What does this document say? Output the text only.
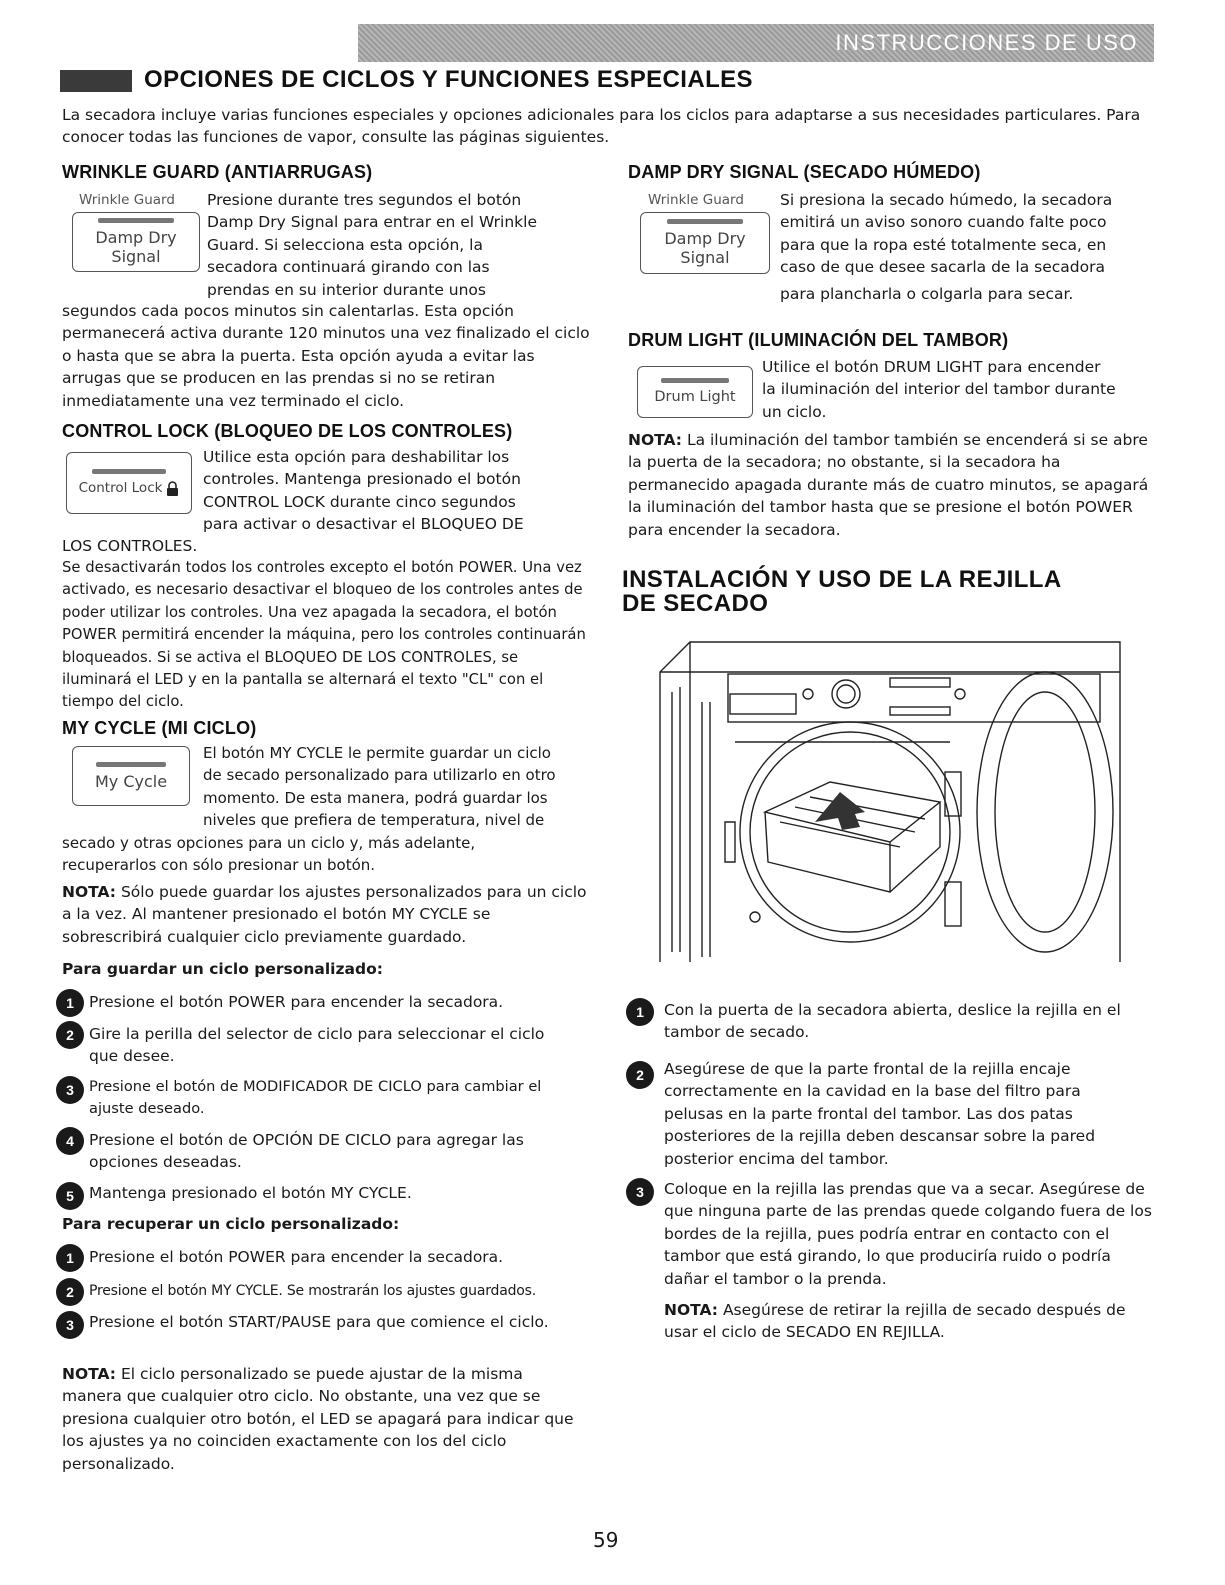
INSTRUCCIONES DE USO
OPCIONES DE CICLOS Y FUNCIONES ESPECIALES

La secadora incluye varias funciones especiales y opciones adicionales para los ciclos para adaptarse a sus necesidades particulares. Para conocer todas las funciones de vapor, consulte las páginas siguientes.

WRINKLE GUARD (ANTIARRUGAS)
Wrinkle Guard
Damp Dry
Signal

Presione durante tres segundos el botón

Damp Dry Signal para entrar en el Wrinkle

Guard. Si selecciona esta opción, la

secadora continuará girando con las

prendas en su interior durante unos

segundos cada pocos minutos sin calentarlas. Esta opción permanecerá activa durante 120 minutos una vez finalizado el ciclo o hasta que se abra la puerta. Esta opción ayuda a evitar las arrugas que se producen en las prendas si no se retiran inmediatamente una vez terminado el ciclo.

CONTROL LOCK (BLOQUEO DE LOS CONTROLES)
Control Lock

Utilice esta opción para deshabilitar los

controles. Mantenga presionado el botón

CONTROL LOCK durante cinco segundos

para activar o desactivar el BLOQUEO DE

LOS CONTROLES.

Se desactivarán todos los controles excepto el botón POWER. Una vez activado, es necesario desactivar el bloqueo de los controles antes de poder utilizar los controles. Una vez apagada la secadora, el botón POWER permitirá encender la máquina, pero los controles continuarán bloqueados. Si se activa el BLOQUEO DE LOS CONTROLES, se iluminará el LED y en la pantalla se alternará el texto "CL" con el tiempo del ciclo.

MY CYCLE (MI CICLO)
My Cycle

El botón MY CYCLE le permite guardar un ciclo

de secado personalizado para utilizarlo en otro

momento. De esta manera, podrá guardar los

niveles que prefiera de temperatura, nivel de

secado y otras opciones para un ciclo y, más adelante, recuperarlos con sólo presionar un botón.

NOTA: Sólo puede guardar los ajustes personalizados para un ciclo a la vez. Al mantener presionado el botón MY CYCLE se sobrescribirá cualquier ciclo previamente guardado.

Para guardar un ciclo personalizado:
1 Presione el botón POWER para encender la secadora.
2 Gire la perilla del selector de ciclo para seleccionar el ciclo que desee.
3	Presione el botón de MODIFICADOR DE CICLO para cambiar el ajuste deseado.
4 Presione el botón de OPCIÓN DE CICLO para agregar las opciones deseadas.
5 Mantenga presionado el botón MY CYCLE.
Para recuperar un ciclo personalizado:
1 Presione el botón POWER para encender la secadora.
2	Presione el botón MY CYCLE. Se mostrarán los ajustes guardados.
3 Presione el botón START/PAUSE para que comience el ciclo.

NOTA: El ciclo personalizado se puede ajustar de la misma manera que cualquier otro ciclo. No obstante, una vez que se presiona cualquier otro botón, el LED se apagará para indicar que los ajustes ya no coinciden exactamente con los del ciclo personalizado.

DAMP DRY SIGNAL (SECADO HÚMEDO)
Wrinkle Guard
Damp Dry
Signal

Si presiona la secado húmedo, la secadora

emitirá un aviso sonoro cuando falte poco

para que la ropa esté totalmente seca, en

caso de que desee sacarla de la secadora

para plancharla o colgarla para secar.

DRUM LIGHT (ILUMINACIÓN DEL TAMBOR)
Drum Light

Utilice el botón DRUM LIGHT para encender

la iluminación del interior del tambor durante

un ciclo.

NOTA: La iluminación del tambor también se encenderá si se abre la puerta de la secadora; no obstante, si la secadora ha permanecido apagada durante más de cuatro minutos, se apagará la iluminación del tambor hasta que se presione el botón POWER para encender la secadora.

INSTALACIÓN Y USO DE LA REJILLA
DE SECADO
1	Con la puerta de la secadora abierta, deslice la rejilla en el tambor de secado.
2	Asegúrese de que la parte frontal de la rejilla encaje correctamente en la cavidad en la base del filtro para pelusas en la parte frontal del tambor. Las dos patas posteriores de la rejilla deben descansar sobre la pared posterior encima del tambor.
3	Coloque en la rejilla las prendas que va a secar. Asegúrese de que ninguna parte de las prendas quede colgando fuera de los bordes de la rejilla, pues podría entrar en contacto con el tambor que está girando, lo que produciría ruido o podría dañar el tambor o la prenda.

NOTA: Asegúrese de retirar la rejilla de secado después de usar el ciclo de SECADO EN REJILLA.

59
